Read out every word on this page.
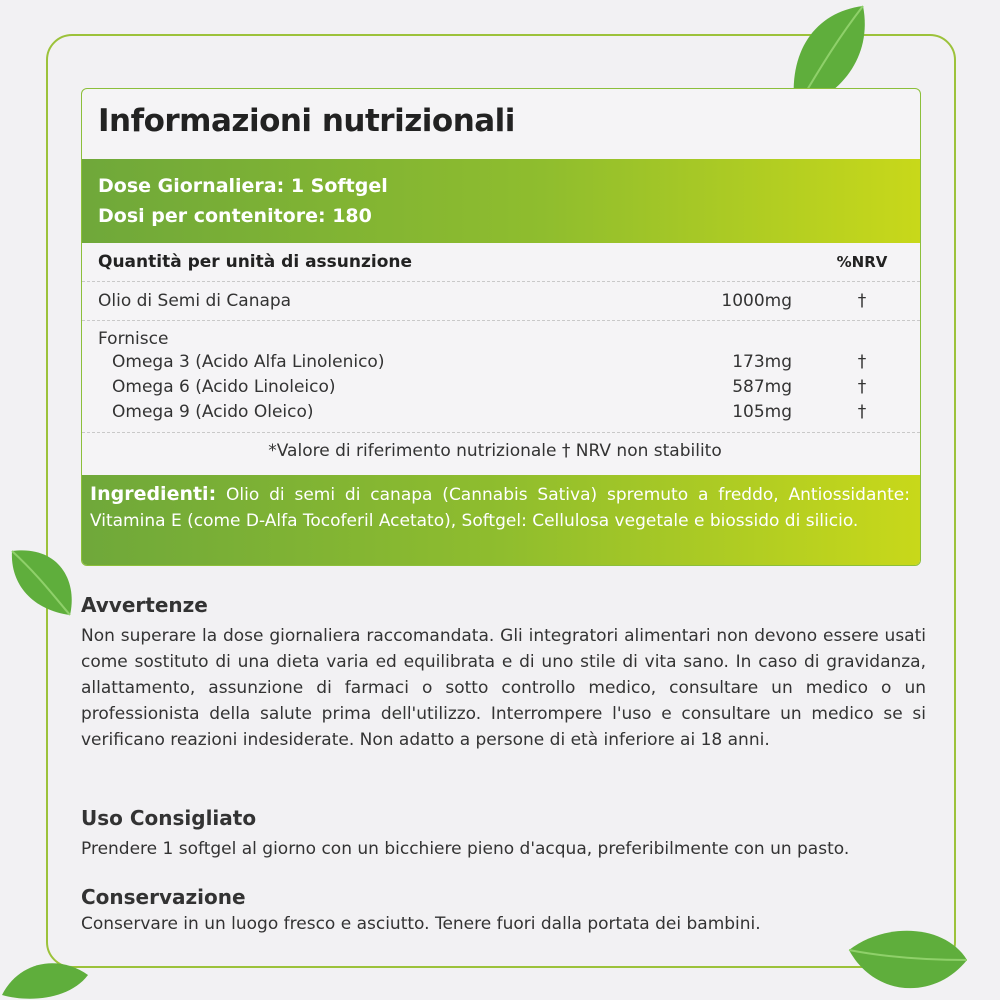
Informazioni nutrizionali
Dose Giornaliera: 1 Softgel
Dosi per contenitore: 180
Quantità per unità di assunzione	%NRV
Olio di Semi di Canapa	1000mg	†
Fornisce
Omega 3 (Acido Alfa Linolenico)	173mg	†
Omega 6 (Acido Linoleico)	587mg	†
Omega 9 (Acido Oleico)	105mg	†
*Valore di riferimento nutrizionale † NRV non stabilito
Ingredienti: Olio di semi di canapa (Cannabis Sativa) spremuto a freddo, Antiossidante: Vitamina E (come D-Alfa Tocoferil Acetato), Softgel: Cellulosa vegetale e biossido di silicio.
Avvertenze

Non superare la dose giornaliera raccomandata. Gli integratori alimentari non devono essere usati come sostituto di una dieta varia ed equilibrata e di uno stile di vita sano. In caso di gravidanza, allattamento, assunzione di farmaci o sotto controllo medico, consultare un medico o un professionista della salute prima dell'utilizzo. Interrompere l'uso e consultare un medico se si verificano reazioni indesiderate. Non adatto a persone di età inferiore ai 18 anni.

Uso Consigliato

Prendere 1 softgel al giorno con un bicchiere pieno d'acqua, preferibilmente con un pasto.

Conservazione

Conservare in un luogo fresco e asciutto. Tenere fuori dalla portata dei bambini.
